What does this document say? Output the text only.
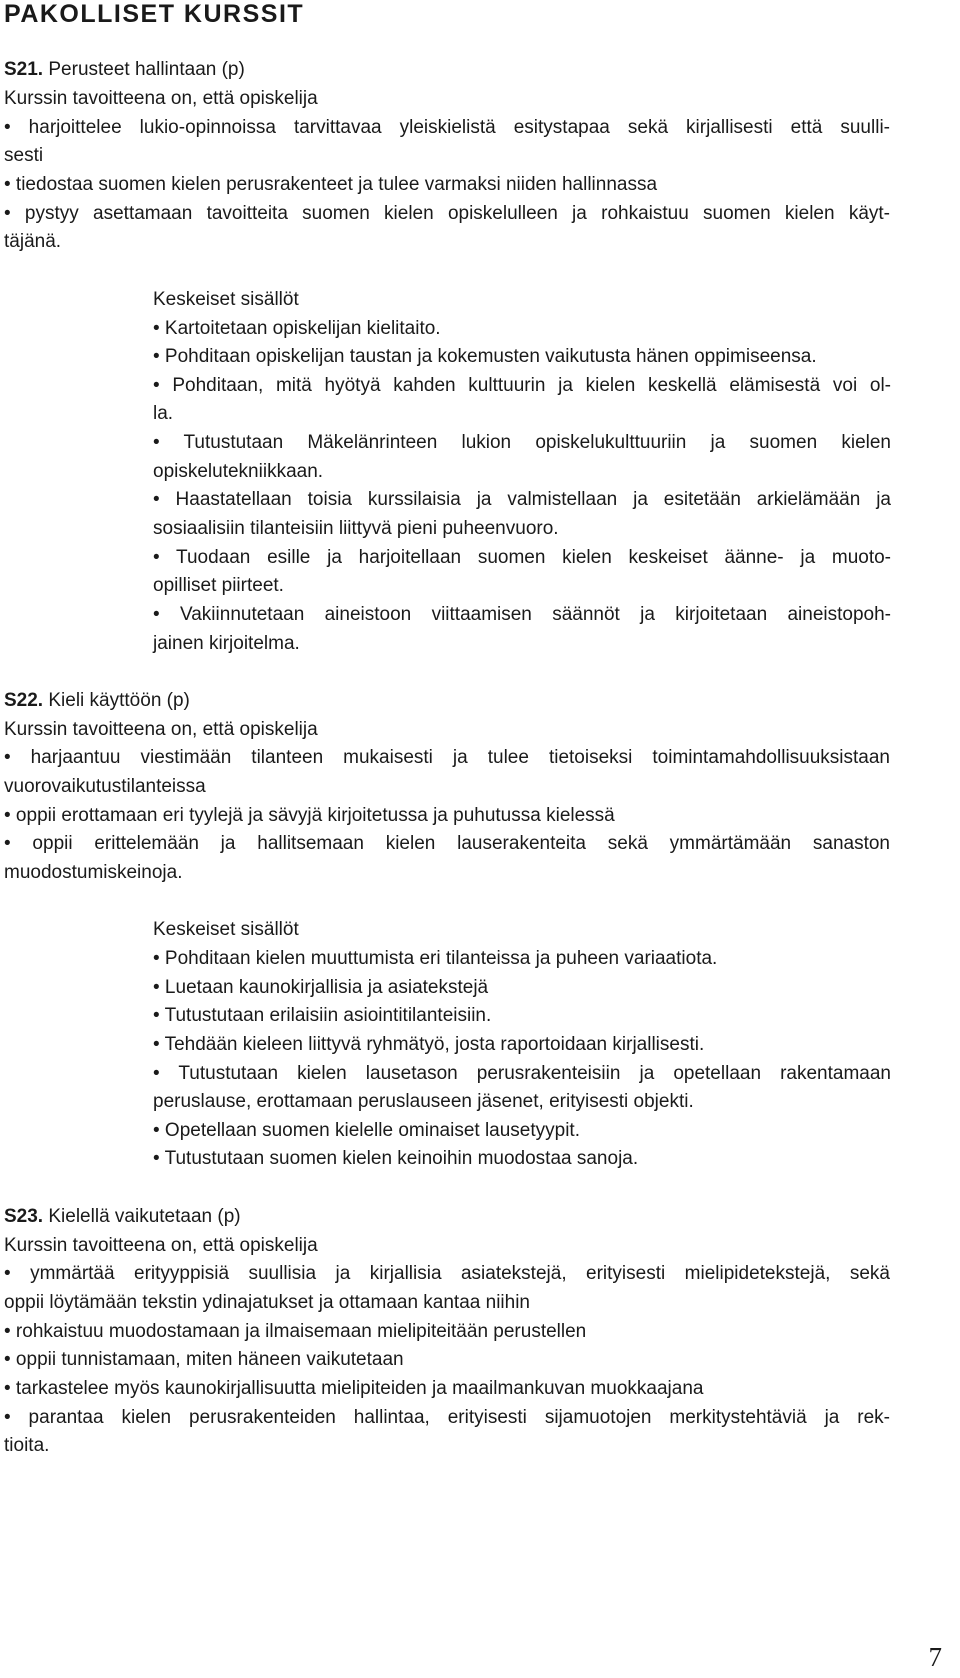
PAKOLLISET KURSSIT
S21. Perusteet hallintaan (p)
Kurssin tavoitteena on, että opiskelija
• harjoittelee lukio-opinnoissa tarvittavaa yleiskielistä esitystapaa sekä kirjallisesti että suulli-
sesti
• tiedostaa suomen kielen perusrakenteet ja tulee varmaksi niiden hallinnassa
• pystyy asettamaan tavoitteita suomen kielen opiskelulleen ja rohkaistuu suomen kielen käyt-
täjänä.
Keskeiset sisällöt
• Kartoitetaan opiskelijan kielitaito.
• Pohditaan opiskelijan taustan ja kokemusten vaikutusta hänen oppimiseensa.
• Pohditaan, mitä hyötyä kahden kulttuurin ja kielen keskellä elämisestä voi ol-
la.
• Tutustutaan Mäkelänrinteen lukion opiskelukulttuuriin ja suomen kielen
opiskelutekniikkaan.
• Haastatellaan toisia kurssilaisia ja valmistellaan ja esitetään arkielämään ja
sosiaalisiin tilanteisiin liittyvä pieni puheenvuoro.
• Tuodaan esille ja harjoitellaan suomen kielen keskeiset äänne- ja muoto-
opilliset piirteet.
• Vakiinnutetaan aineistoon viittaamisen säännöt ja kirjoitetaan aineistopoh-
jainen kirjoitelma.
S22. Kieli käyttöön (p)
Kurssin tavoitteena on, että opiskelija
• harjaantuu viestimään tilanteen mukaisesti ja tulee tietoiseksi toimintamahdollisuuksistaan
vuorovaikutustilanteissa
• oppii erottamaan eri tyylejä ja sävyjä kirjoitetussa ja puhutussa kielessä
• oppii erittelemään ja hallitsemaan kielen lauserakenteita sekä ymmärtämään sanaston
muodostumiskeinoja.
Keskeiset sisällöt
• Pohditaan kielen muuttumista eri tilanteissa ja puheen variaatiota.
• Luetaan kaunokirjallisia ja asiatekstejä
• Tutustutaan erilaisiin asiointitilanteisiin.
• Tehdään kieleen liittyvä ryhmätyö, josta raportoidaan kirjallisesti.
• Tutustutaan kielen lausetason perusrakenteisiin ja opetellaan rakentamaan
peruslause, erottamaan peruslauseen jäsenet, erityisesti objekti.
• Opetellaan suomen kielelle ominaiset lausetyypit.
• Tutustutaan suomen kielen keinoihin muodostaa sanoja.
S23. Kielellä vaikutetaan (p)
Kurssin tavoitteena on, että opiskelija
• ymmärtää erityyppisiä suullisia ja kirjallisia asiatekstejä, erityisesti mielipidetekstejä, sekä
oppii löytämään tekstin ydinajatukset ja ottamaan kantaa niihin
• rohkaistuu muodostamaan ja ilmaisemaan mielipiteitään perustellen
• oppii tunnistamaan, miten häneen vaikutetaan
• tarkastelee myös kaunokirjallisuutta mielipiteiden ja maailmankuvan muokkaajana
• parantaa kielen perusrakenteiden hallintaa, erityisesti sijamuotojen merkitystehtäviä ja rek-
tioita.
7
